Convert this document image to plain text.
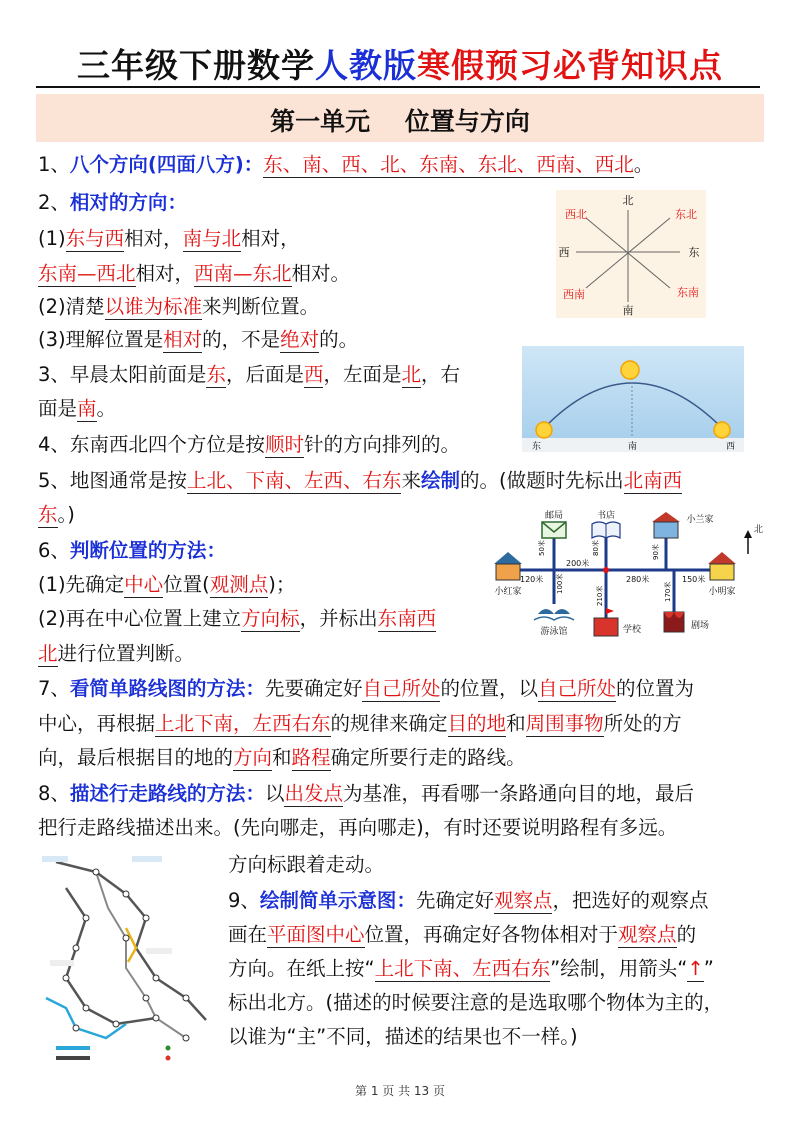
三年级下册数学人教版寒假预习必背知识点
第一单元 位置与方向
1、八个方向(四面八方)：东、南、西、北、东南、东北、西南、西北。
2、相对的方向：
(1)东与西相对，南与北相对，
东南—西北相对，西南—东北相对。
(2)清楚以谁为标准来判断位置。
(3)理解位置是相对的，不是绝对的。
北
南
西	东
西北	东北
西南	东南
3、早晨太阳前面是东，后面是西，左面是北，右
面是南。
东	南	西
4、东南西北四个方位是按顺时针的方向排列的。
5、地图通常是按上北、下南、左西、右东来绘制的。(做题时先标出北南西
东。)
6、判断位置的方法：
(1)先确定中心位置(观测点)；
(2)再在中心位置上建立方向标，并标出东南西
北进行位置判断。
邮局	书店	小兰家
小红家	小明家
游泳馆	学校	剧场
北
50米	80米	90米
120米
200米
100米	280米	150米
210米	170米
7、看简单路线图的方法：先要确定好自己所处的位置，以自己所处的位置为
中心，再根据上北下南，左西右东的规律来确定目的地和周围事物所处的方
向，最后根据目的地的方向和路程确定所要行走的路线。
8、描述行走路线的方法：以出发点为基准，再看哪一条路通向目的地，最后
把行走路线描述出来。(先向哪走，再向哪走)，有时还要说明路程有多远。
方向标跟着走动。
9、绘制简单示意图：先确定好观察点，把选好的观察点
画在平面图中心位置，再确定好各物体相对于观察点的
方向。在纸上按“上北下南、左西右东”绘制，用箭头“↑”
标出北方。(描述的时候要注意的是选取哪个物体为主的，
以谁为“主”不同，描述的结果也不一样。)
第 1 页 共 13 页
